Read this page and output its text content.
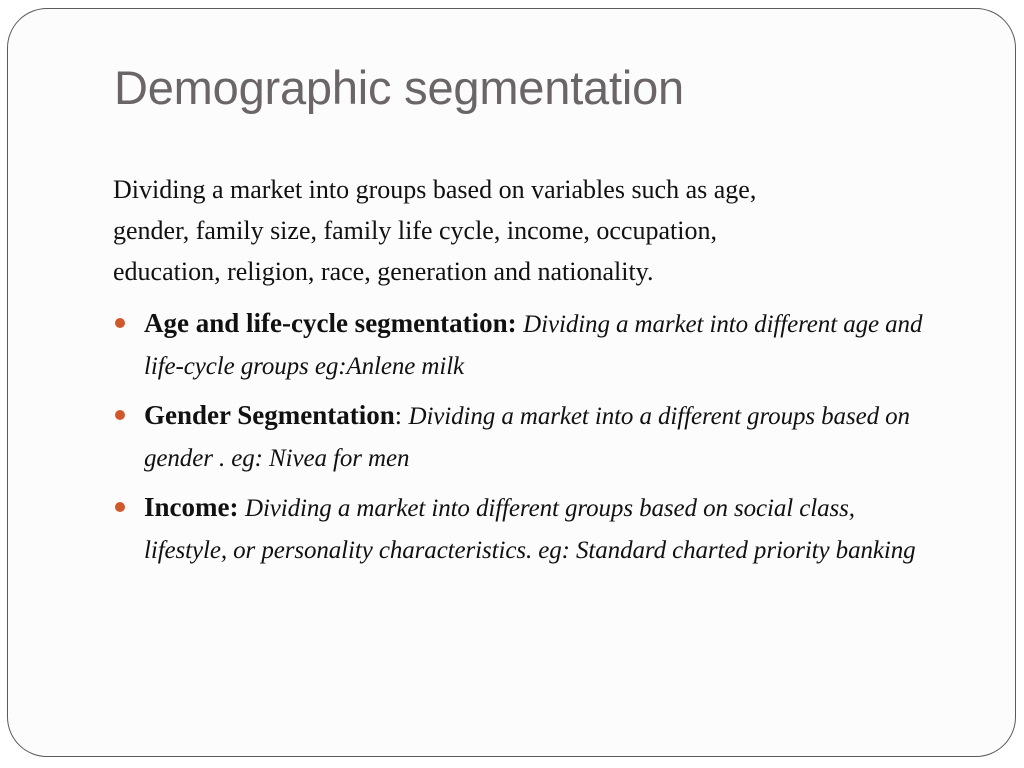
Demographic segmentation

Dividing a market into groups based on variables such as age, gender, family size, family life cycle, income, occupation, education, religion, race, generation and nationality.

Age and life-cycle segmentation: Dividing a market into different age and life-cycle groups eg:Anlene milk
Gender Segmentation: Dividing a market into a different groups based on gender . eg: Nivea for men
Income: Dividing a market into different groups based on social class, lifestyle, or personality characteristics. eg: Standard charted priority banking
